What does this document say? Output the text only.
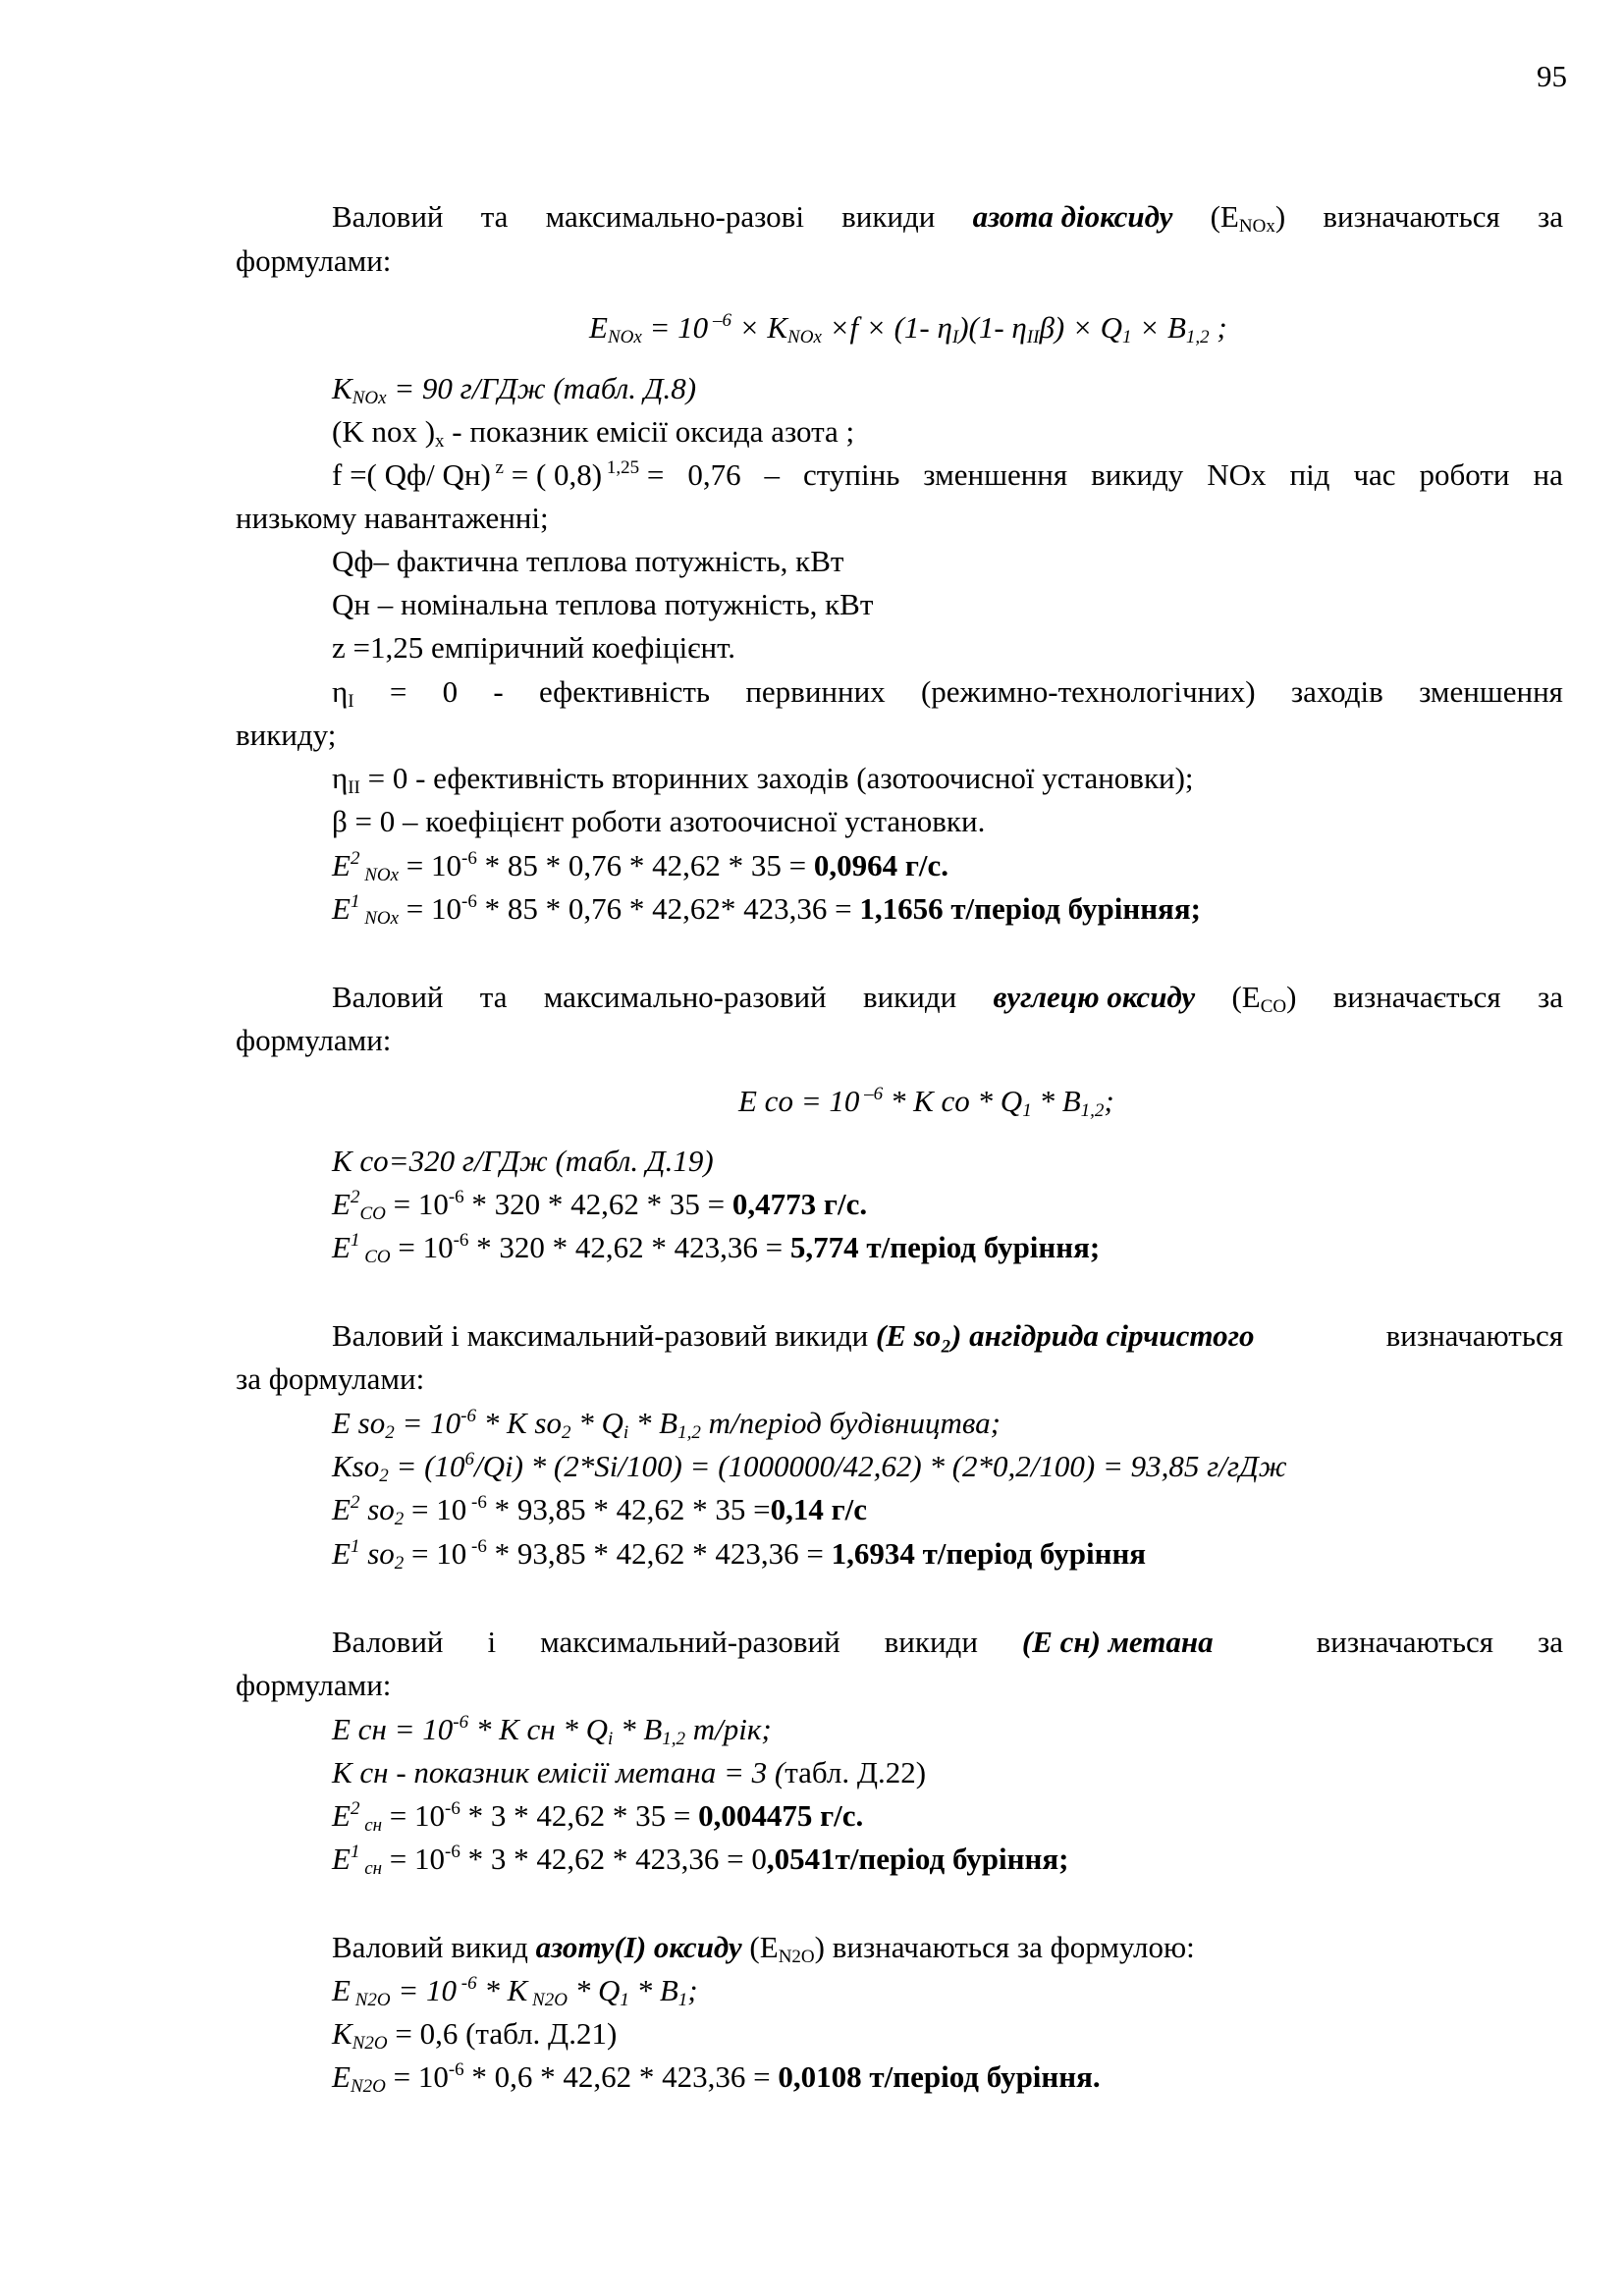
95
Валовий та максимально-разові викиди азота діоксиду $(E_{NOx})$ визначаються за
формулами:
$E_{NOx} = 10$ $^{-6} \times K_{NOx} \times f \times (1-$ $\eta_I)(1-$ $\eta_{II}\beta) \times Q_1 \times B_{1,2}$ ;
$K_{NOx} = 90$ г/ГДж (табл. Д.8)
(K nox )$_x$ - показник емісії оксида азота ;
f =( Qф/ Qн) $^z$ = ( 0,8) $^{1,25}$ = 0,76 – ступінь зменшення викиду NOx під час роботи на
низькому навантаженні;
Qф– фактична теплова потужність, кВт
Qн – номінальна теплова потужність, кВт
z =1,25 емпіричний коефіцієнт.
$\eta_I = 0$ - ефективність первинних (режимно-технологічних) заходів зменшення
викиду;
$\eta_{II} = 0$ - ефективність вторинних заходів (азотоочисної установки);
β = 0 – коефіцієнт роботи азотоочисної установки.
$E^2$ $_{NOx} = 10^{-6} * 85 * 0,76 * 42,62 * 35 = 0,0964$ г/с.
$E^1$ $_{NOx} = 10^{-6} * 85 * 0,76 * 42,62*$ 423,36 = 1,1656 т/період буріння​я;
Валовий та максимально-разовий викиди вуглецю оксиду $(E_{CO})$ визначається за
формулами:
E co = 10 $^{-6}$ * K co * $Q_1 * B_{1,2}$;
K co=320 г/ГДж (табл. Д.19)
$E^2_{CO} = 10^{-6} * 320 * 42,62 * 35 = 0,4773$ г/с.
$E^1$ $_{CO} = 10^{-6} * 320 * 42,62 * 423,36 = 5,774$ т/період буріння;
Валовий і максимальний-разовий викиди (E so₂) ангідрида сірчистого	визначаються
за формулами:
E $so_2 = 10^{-6} * K$ $so_2 * Q_i * B_{1,2}$ т/період будівництва;
$Kso_2 = (10^6/Qi) * (2*Si/100) = (1000000/42,62) * (2*0,2/100) = 93,85$ г/гДж
$E^2$ $so_2 = 10$ $^{-6}$ * 93,85 * 42,62 * 35 =0,14 г/с
$E^1$ $so_2 = 10$ $^{-6}$ * 93,85 * 42,62 * 423,36 = 1,6934 т/період буріння
Валовий і максимальний-разовий викиди (E cн) метана	визначаються за
формулами:
E cн = $10^{-6}$ * K cн * $Q_i * B_{1,2}$ т/рік;
K cн - показник емісії метана = 3 (табл. Д.22)
$E^2$ $_{cн} = 10^{-6} * 3 * 42,62 * 35 = 0,004475$ г/с.
$E^1$ $_{cн} = 10^{-6} * 3 * 42,62 * 423,36$ = 0,0541т/період буріння;
Валовий викид азоту(I) оксиду $(E_{N2O})$ визначаються за формулою:
E $_{N2O}$ = 10 $^{-6}$ * K $_{N2O} * Q_1 * B_1$;
$K_{N2O} = 0,6$ (табл. Д.21)
$E_{N2O} = 10^{-6} * 0,6 * 42,62 * 423,36 = 0,0108$ т/період буріння.
